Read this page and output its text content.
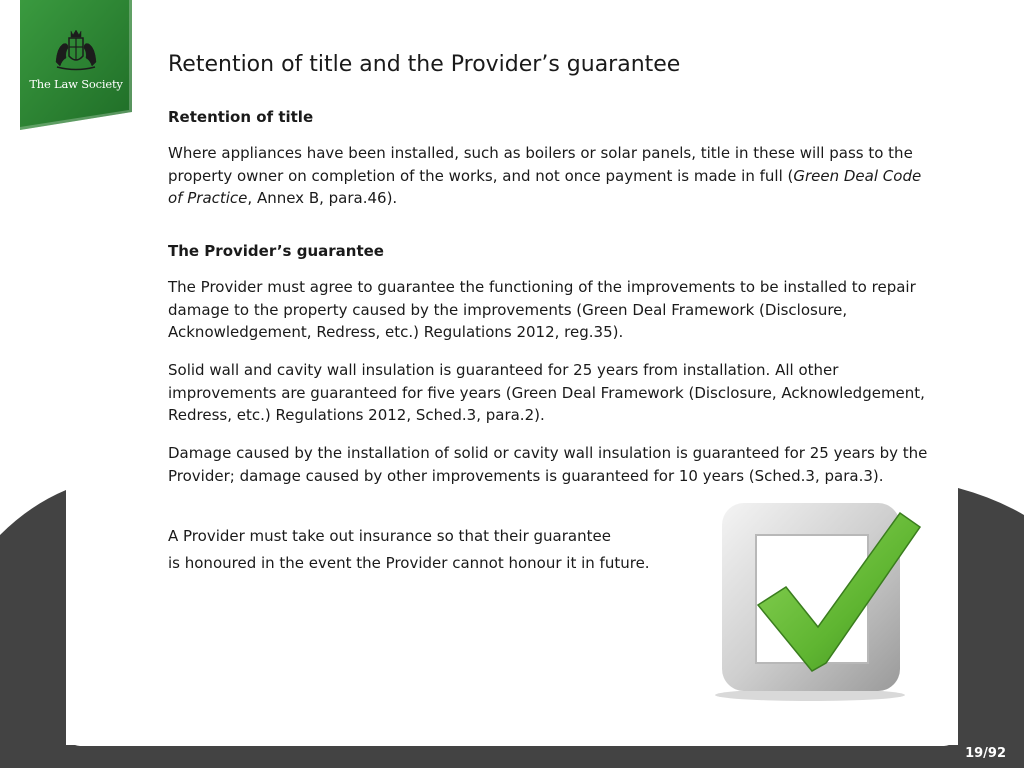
The Law Society
Retention of title and the Provider’s guarantee
Retention of title

Where appliances have been installed, such as boilers or solar panels, title in these will pass to the property owner on completion of the works, and not once payment is made in full (Green Deal Code of Practice, Annex B, para.46).

The Provider’s guarantee

The Provider must agree to guarantee the functioning of the improvements to be installed to repair damage to the property caused by the improvements (Green Deal Framework (Disclosure, Acknowledgement, Redress, etc.) Regulations 2012, reg.35).

Solid wall and cavity wall insulation is guaranteed for 25 years from installation. All other improvements are guaranteed for five years (Green Deal Framework (Disclosure, Acknowledgement, Redress, etc.) Regulations 2012, Sched.3, para.2).

Damage caused by the installation of solid or cavity wall insulation is guaranteed for 25 years by the Provider; damage caused by other improvements is guaranteed for 10 years (Sched.3, para.3).

A Provider must take out insurance so that their guarantee

is honoured in the event the Provider cannot honour it in future.

19/92
